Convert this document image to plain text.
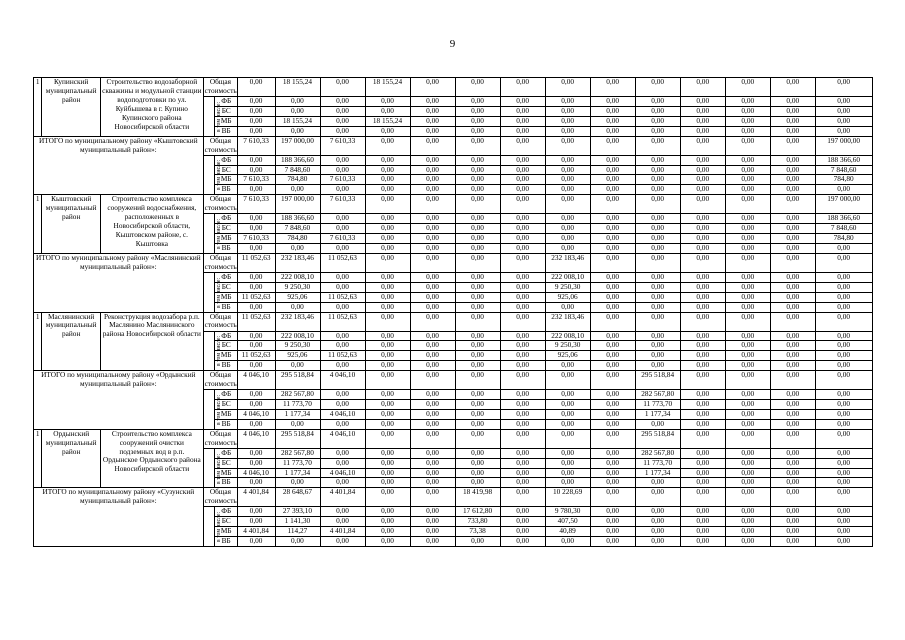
9
1	Купинский муниципальный район	Строительство водозаборной скважины и модульной станции водоподготовки по ул. Куйбышева в г. Купино Купинского района Новосибирской области	Общая стоимость		0,00	18 155,24	0,00	18 155,24	0,00	0,00	0,00	0,00	0,00	0,00	0,00	0,00	0,00	0,00
			в том числе:	ФБ	0,00	0,00	0,00	0,00	0,00	0,00	0,00	0,00	0,00	0,00	0,00	0,00	0,00	0,00
				БС	0,00	0,00	0,00	0,00	0,00	0,00	0,00	0,00	0,00	0,00	0,00	0,00	0,00	0,00
				МБ	0,00	18 155,24	0,00	18 155,24	0,00	0,00	0,00	0,00	0,00	0,00	0,00	0,00	0,00	0,00
				ВБ	0,00	0,00	0,00	0,00	0,00	0,00	0,00	0,00	0,00	0,00	0,00	0,00	0,00	0,00
ИТОГО по муниципальному району «Кыштовский муниципальный район»:			Общая стоимость		7 610,33	197 000,00	7 610,33	0,00	0,00	0,00	0,00	0,00	0,00	0,00	0,00	0,00	0,00	197 000,00
			в том числе:	ФБ	0,00	188 366,60	0,00	0,00	0,00	0,00	0,00	0,00	0,00	0,00	0,00	0,00	0,00	188 366,60
				БС	0,00	7 848,60	0,00	0,00	0,00	0,00	0,00	0,00	0,00	0,00	0,00	0,00	0,00	7 848,60
				МБ	7 610,33	784,80	7 610,33	0,00	0,00	0,00	0,00	0,00	0,00	0,00	0,00	0,00	0,00	784,80
				ВБ	0,00	0,00	0,00	0,00	0,00	0,00	0,00	0,00	0,00	0,00	0,00	0,00	0,00	0,00
1	Кыштовский муниципальный район	Строительство комплекса сооружений водоснабжения, расположенных в Новосибирской области, Кыштовском районе, с. Кыштовка	Общая стоимость		7 610,33	197 000,00	7 610,33	0,00	0,00	0,00	0,00	0,00	0,00	0,00	0,00	0,00	0,00	197 000,00
			в том числе:	ФБ	0,00	188 366,60	0,00	0,00	0,00	0,00	0,00	0,00	0,00	0,00	0,00	0,00	0,00	188 366,60
				БС	0,00	7 848,60	0,00	0,00	0,00	0,00	0,00	0,00	0,00	0,00	0,00	0,00	0,00	7 848,60
				МБ	7 610,33	784,80	7 610,33	0,00	0,00	0,00	0,00	0,00	0,00	0,00	0,00	0,00	0,00	784,80
				ВБ	0,00	0,00	0,00	0,00	0,00	0,00	0,00	0,00	0,00	0,00	0,00	0,00	0,00	0,00
ИТОГО по муниципальному району «Маслянинский муниципальный район»:			Общая стоимость		11 052,63	232 183,46	11 052,63	0,00	0,00	0,00	0,00	232 183,46	0,00	0,00	0,00	0,00	0,00	0,00
			в том числе:	ФБ	0,00	222 008,10	0,00	0,00	0,00	0,00	0,00	222 008,10	0,00	0,00	0,00	0,00	0,00	0,00
				БС	0,00	9 250,30	0,00	0,00	0,00	0,00	0,00	9 250,30	0,00	0,00	0,00	0,00	0,00	0,00
				МБ	11 052,63	925,06	11 052,63	0,00	0,00	0,00	0,00	925,06	0,00	0,00	0,00	0,00	0,00	0,00
				ВБ	0,00	0,00	0,00	0,00	0,00	0,00	0,00	0,00	0,00	0,00	0,00	0,00	0,00	0,00
1	Маслянинский муниципальный район	Реконструкция водозабора р.п. Маслянино Маслянинского района Новосибирской области	Общая стоимость		11 052,63	232 183,46	11 052,63	0,00	0,00	0,00	0,00	232 183,46	0,00	0,00	0,00	0,00	0,00	0,00
			в том числе:	ФБ	0,00	222 008,10	0,00	0,00	0,00	0,00	0,00	222 008,10	0,00	0,00	0,00	0,00	0,00	0,00
				БС	0,00	9 250,30	0,00	0,00	0,00	0,00	0,00	9 250,30	0,00	0,00	0,00	0,00	0,00	0,00
				МБ	11 052,63	925,06	11 052,63	0,00	0,00	0,00	0,00	925,06	0,00	0,00	0,00	0,00	0,00	0,00
				ВБ	0,00	0,00	0,00	0,00	0,00	0,00	0,00	0,00	0,00	0,00	0,00	0,00	0,00	0,00
ИТОГО по муниципальному району «Ордынский муниципальный район»:			Общая стоимость		4 046,10	295 518,84	4 046,10	0,00	0,00	0,00	0,00	0,00	0,00	295 518,84	0,00	0,00	0,00	0,00
			в том числе:	ФБ	0,00	282 567,80	0,00	0,00	0,00	0,00	0,00	0,00	0,00	282 567,80	0,00	0,00	0,00	0,00
				БС	0,00	11 773,70	0,00	0,00	0,00	0,00	0,00	0,00	0,00	11 773,70	0,00	0,00	0,00	0,00
				МБ	4 046,10	1 177,34	4 046,10	0,00	0,00	0,00	0,00	0,00	0,00	1 177,34	0,00	0,00	0,00	0,00
				ВБ	0,00	0,00	0,00	0,00	0,00	0,00	0,00	0,00	0,00	0,00	0,00	0,00	0,00	0,00
1	Ордынский муниципальный район	Строительство комплекса сооружений очистки подземных вод в р.п. Ордынское Ордынского района Новосибирской области	Общая стоимость		4 046,10	295 518,84	4 046,10	0,00	0,00	0,00	0,00	0,00	0,00	295 518,84	0,00	0,00	0,00	0,00
			в том числе:	ФБ	0,00	282 567,80	0,00	0,00	0,00	0,00	0,00	0,00	0,00	282 567,80	0,00	0,00	0,00	0,00
				БС	0,00	11 773,70	0,00	0,00	0,00	0,00	0,00	0,00	0,00	11 773,70	0,00	0,00	0,00	0,00
				МБ	4 046,10	1 177,34	4 046,10	0,00	0,00	0,00	0,00	0,00	0,00	1 177,34	0,00	0,00	0,00	0,00
				ВБ	0,00	0,00	0,00	0,00	0,00	0,00	0,00	0,00	0,00	0,00	0,00	0,00	0,00	0,00
ИТОГО по муниципальному району «Сузунский муниципальный район»:			Общая стоимость		4 401,84	28 648,67	4 401,84	0,00	0,00	18 419,98	0,00	10 228,69	0,00	0,00	0,00	0,00	0,00	0,00
			в том числе:	ФБ	0,00	27 393,10	0,00	0,00	0,00	17 612,80	0,00	9 780,30	0,00	0,00	0,00	0,00	0,00	0,00
				БС	0,00	1 141,30	0,00	0,00	0,00	733,80	0,00	407,50	0,00	0,00	0,00	0,00	0,00	0,00
				МБ	4 401,84	114,27	4 401,84	0,00	0,00	73,38	0,00	40,89	0,00	0,00	0,00	0,00	0,00	0,00
				ВБ	0,00	0,00	0,00	0,00	0,00	0,00	0,00	0,00	0,00	0,00	0,00	0,00	0,00	0,00
